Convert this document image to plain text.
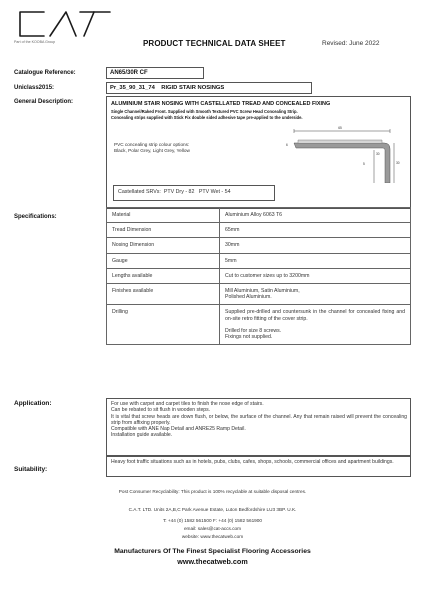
CAT
Part of the KOOBA Group	PRODUCT TECHNICAL DATA SHEET	Revised: June 2022
Catalogue Reference:	AN65/30R CF
Uniclass2015:	Pr_35_90_31_74    RIGID STAIR NOSINGS
General Description:	ALUMINIUM STAIR NOSING WITH CASTELLATED TREAD AND CONCEALED FIXING
Single Channel/Raked Front. Supplied with Smooth Textured PVC Screw Head Concealing Strip.
Concealing strips supplied with Stick Fix double sided adhesive tape pre-applied to the underside.
PVC concealing strip colour options:
Black, Polar Grey, Light Grey, Yellow
65
6
30
30
5
Castellated SRVs:  PTV Dry - 82   PTV Wet - 54
Specifications:	Material	Aluminium Alloy 6063 T6

Tread Dimension	65mm

Nosing Dimension	30mm

Gauge	5mm

Lengths available	Cut to customer sizes up to 3200mm

Finishes available	Mill Aluminium, Satin Aluminium,
Polished Aluminium.

Drilling	Supplied pre-drilled and countersunk in the channel for concealed fixing and on-site retro fitting of the cover strip.

Drilled for size 8 screws.
Fixings not supplied.
Application:	For use with carpet and carpet tiles to finish the nose edge of stairs.
Can be rebated to sit flush in wooden steps.
It is vital that screw heads are down flush, or below, the surface of the channel. Any that remain raised will prevent the concealing strip from affixing properly.
Compatible with ANE Nap Detail and ANRE25 Ramp Detail.
Installation guide available.
Suitability:
Heavy foot traffic situations such as in hotels, pubs, clubs, cafes, shops, schools, commercial offices and apartment buildings.
Post Consumer Recyclability: This product is 100% recyclable at suitable disposal centres.
C.A.T. LTD. Units 2A,B,C Park Avenue Estate, Luton Bedfordshire LU3 3BP. U.K.
T: +44 (0) 1582 561500 F: +44 (0) 1582 561900
email: sales@cat-accs.com
website: www.thecatweb.com
Manufacturers Of The Finest Specialist Flooring Accessories
www.thecatweb.com
